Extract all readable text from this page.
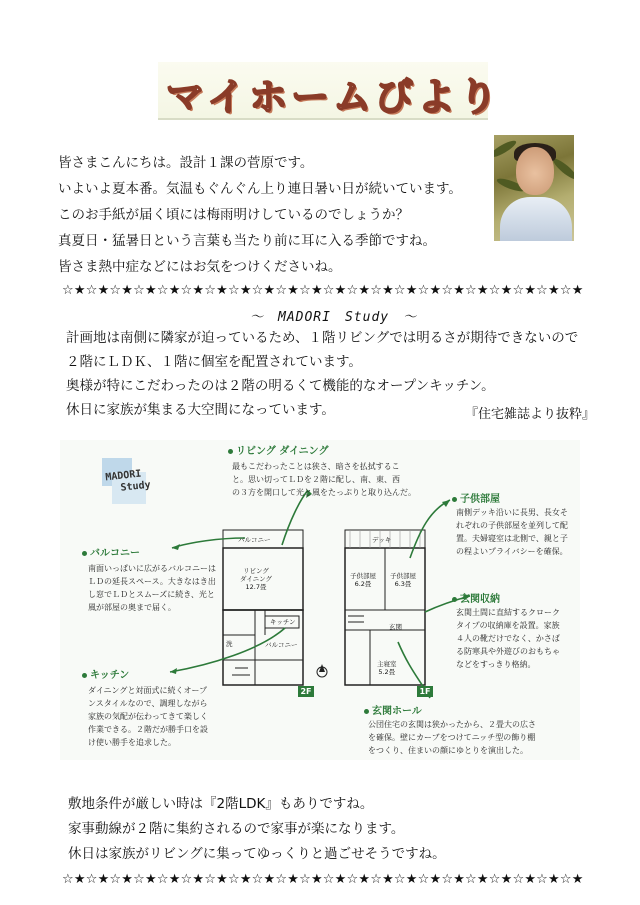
マイホームびより
皆さまこんにちは。設計１課の菅原です。
いよいよ夏本番。気温もぐんぐん上り連日暑い日が続いています。
このお手紙が届く頃には梅雨明けしているのでしょうか？
真夏日・猛暑日という言葉も当たり前に耳に入る季節ですね。
皆さま熱中症などにはお気をつけくださいね。
☆★☆★☆★☆★☆★☆★☆★☆★☆★☆★☆★☆★☆★☆★☆★☆★☆★☆★☆★☆★☆★☆★
～　MADORI　Study　～
計画地は南側に隣家が迫っているため、１階リビングでは明るさが期待できないので
２階にＬＤＫ、１階に個室を配置されています。
奥様が特にこだわったのは２階の明るくて機能的なオープンキッチン。
休日に家族が集まる大空間になっています。	『住宅雑誌より抜粋』
MADORI
Study
バルコニー
リビング
ダイニング
12.7畳
キッチン
洗	バルコニー
2F
デッキ
子供部屋
6.2畳
子供部屋
6.3畳
玄関
主寝室
5.2畳
1F
リビング ダイニング
最もこだわったことは狭さ、暗さを払拭するこ
と。思い切ってＬＤを２階に配し、南、東、西
の３方を開口して光と風をたっぷりと取り込んだ。
バルコニー
南面いっぱいに広がるバルコニーは
ＬＤの延長スペース。大きなはき出
し窓でＬＤとスムーズに続き、光と
風が部屋の奥まで届く。
キッチン
ダイニングと対面式に続くオープ
ンスタイルなので、調理しながら
家族の気配が伝わってきて楽しく
作業できる。２階だが勝手口を設
け使い勝手を追求した。
子供部屋
南側デッキ沿いに長男、長女そ
れぞれの子供部屋を並列して配
置。夫婦寝室は北側で、親と子
の程よいプライバシーを確保。
玄関収納
玄関土間に直結するクローク
タイプの収納庫を設置。家族
４人の靴だけでなく、かさば
る防寒具や外遊びのおもちゃ
などをすっきり格納。
玄関ホール
公団住宅の玄関は狭かったから、２畳大の広さ
を確保。壁にカーブをつけてニッチ型の飾り棚
をつくり、住まいの顔にゆとりを演出した。
敷地条件が厳しい時は『2階LDK』もありですね。
家事動線が２階に集約されるので家事が楽になります。
休日は家族がリビングに集ってゆっくりと過ごせそうですね。
☆★☆★☆★☆★☆★☆★☆★☆★☆★☆★☆★☆★☆★☆★☆★☆★☆★☆★☆★☆★☆★☆★
